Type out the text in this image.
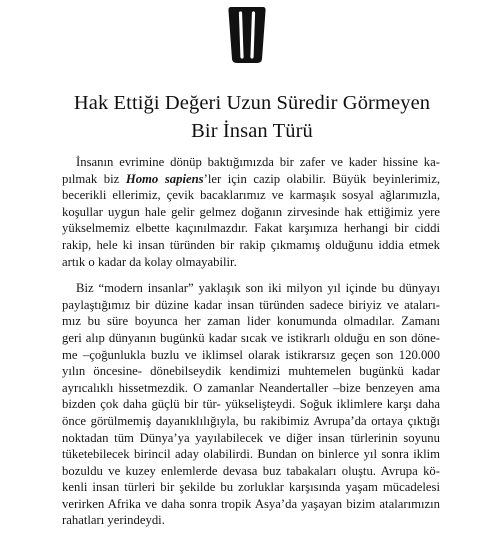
Hak Ettiği Değeri Uzun Süredir Görmeyen
Bir İnsan Türü
İnsanın evrimine dönüp baktığımızda bir zafer ve kader hissine ka-
pılmak biz Homo sapiens’ler için cazip olabilir. Büyük beyinlerimiz,
becerikli ellerimiz, çevik bacaklarımız ve karmaşık sosyal ağlarımızla,
koşullar uygun hale gelir gelmez doğanın zirvesinde hak ettiğimiz yere
yükselmemiz elbette kaçınılmazdır. Fakat karşımıza herhangi bir ciddi
rakip, hele ki insan türünden bir rakip çıkmamış olduğunu iddia etmek
artık o kadar da kolay olmayabilir.
Biz “modern insanlar” yaklaşık son iki milyon yıl içinde bu dünyayı
paylaştığımız bir düzine kadar insan türünden sadece biriyiz ve ataları-
mız bu süre boyunca her zaman lider konumunda olmadılar. Zamanı
geri alıp dünyanın bugünkü kadar sıcak ve istikrarlı olduğu en son döne-
me –çoğunlukla buzlu ve iklimsel olarak istikrarsız geçen son 120.000
yılın öncesine- dönebilseydik kendimizi muhtemelen bugünkü kadar
ayrıcalıklı hissetmezdik. O zamanlar Neandertaller –bize benzeyen ama
bizden çok daha güçlü bir tür- yükselişteydi. Soğuk iklimlere karşı daha
önce görülmemiş dayanıklılığıyla, bu rakibimiz Avrupa’da ortaya çıktığı
noktadan tüm Dünya’ya yayılabilecek ve diğer insan türlerinin soyunu
tüketebilecek birincil aday olabilirdi. Bundan on binlerce yıl sonra iklim
bozuldu ve kuzey enlemlerde devasa buz tabakaları oluştu. Avrupa kö-
kenli insan türleri bir şekilde bu zorluklar karşısında yaşam mücadelesi
verirken Afrika ve daha sonra tropik Asya’da yaşayan bizim atalarımızın
rahatları yerindeydi.
